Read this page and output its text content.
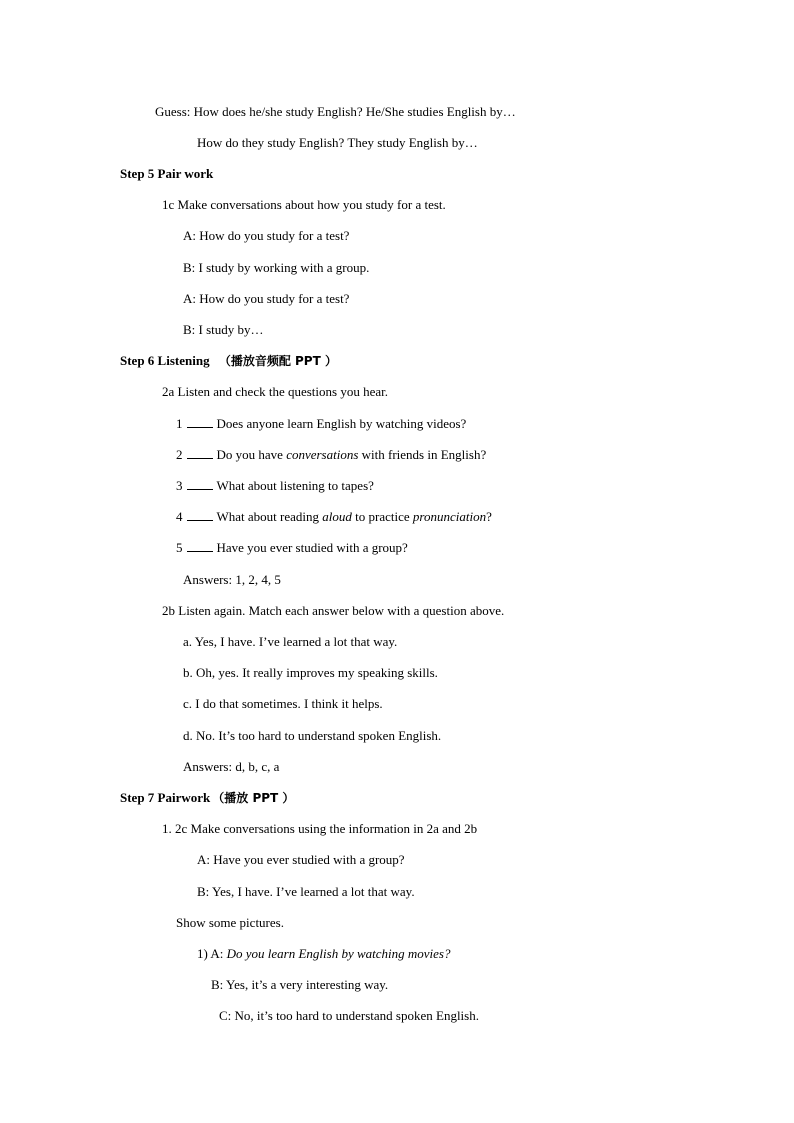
Guess: How does he/she study English? He/She studies English by…
How do they study English? They study English by…
Step 5 Pair work
1c Make conversations about how you study for a test.
A: How do you study for a test?
B: I study by working with a group.
A: How do you study for a test?
B: I study by…
Step 6 Listening （播放音频配 PPT ）
2a Listen and check the questions you hear.
1	Does anyone learn English by watching videos?
2	Do you have conversations with friends in English?
3	What about listening to tapes?
4	What about reading aloud to practice pronunciation?
5	Have you ever studied with a group?
Answers: 1, 2, 4, 5
2b Listen again. Match each answer below with a question above.
a. Yes, I have. I’ve learned a lot that way.
b. Oh, yes. It really improves my speaking skills.
c. I do that sometimes. I think it helps.
d. No. It’s too hard to understand spoken English.
Answers: d, b, c, a
Step 7 Pairwork （播放 PPT ）
1. 2c Make conversations using the information in 2a and 2b
A: Have you ever studied with a group?
B: Yes, I have. I’ve learned a lot that way.
Show some pictures.
1) A: Do you learn English by watching movies?
B: Yes, it’s a very interesting way.
C: No, it’s too hard to understand spoken English.
